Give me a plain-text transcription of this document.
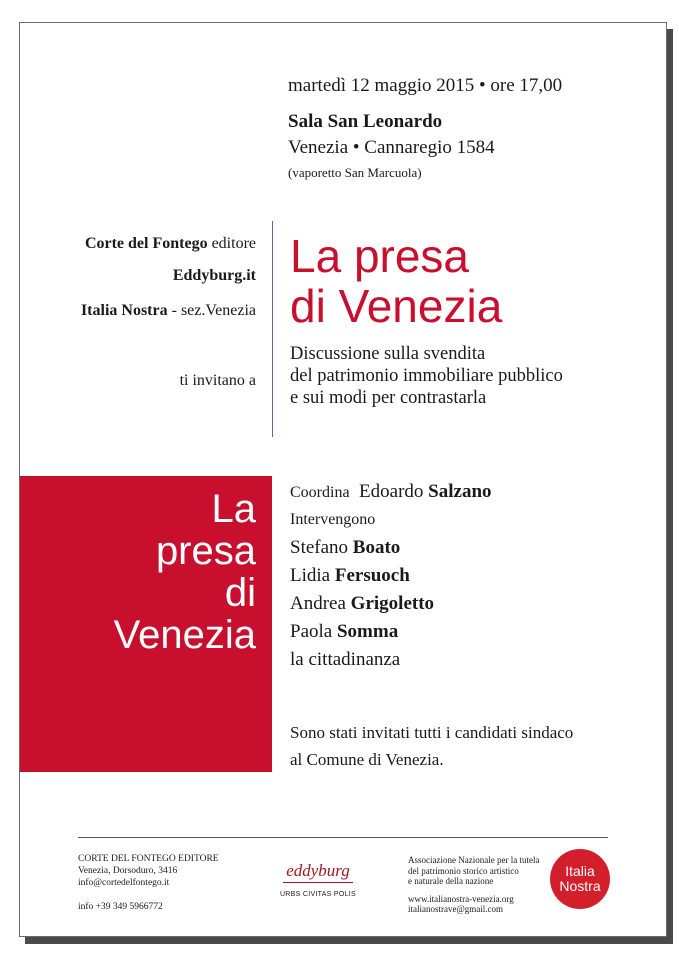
martedì 12 maggio 2015 • ore 17,00
Sala San Leonardo
Venezia • Cannaregio 1584
(vaporetto San Marcuola)
Corte del Fontego editore
Eddyburg.it
Italia Nostra - sez.Venezia
ti invitano a
La presa
di Venezia
Discussione sulla svendita
del patrimonio immobiliare pubblico
e sui modi per contrastarla
La
presa
di
Venezia
Coordina Edoardo Salzano
Intervengono
Stefano Boato
Lidia Fersuoch
Andrea Grigoletto
Paola Somma
la cittadinanza
Sono stati invitati tutti i candidati sindaco
al Comune di Venezia.
CORTE DEL FONTEGO EDITORE
Venezia, Dorsoduro, 3416
info@cortedelfontego.it
info +39 349 5966772
eddyburg
URBS CIVITAS POLIS
Associazione Nazionale per la tutela
del patrimonio storico artistico
e naturale della nazione
www.italianostra-venezia.org
italianostrave@gmail.com
Italia
Nostra
